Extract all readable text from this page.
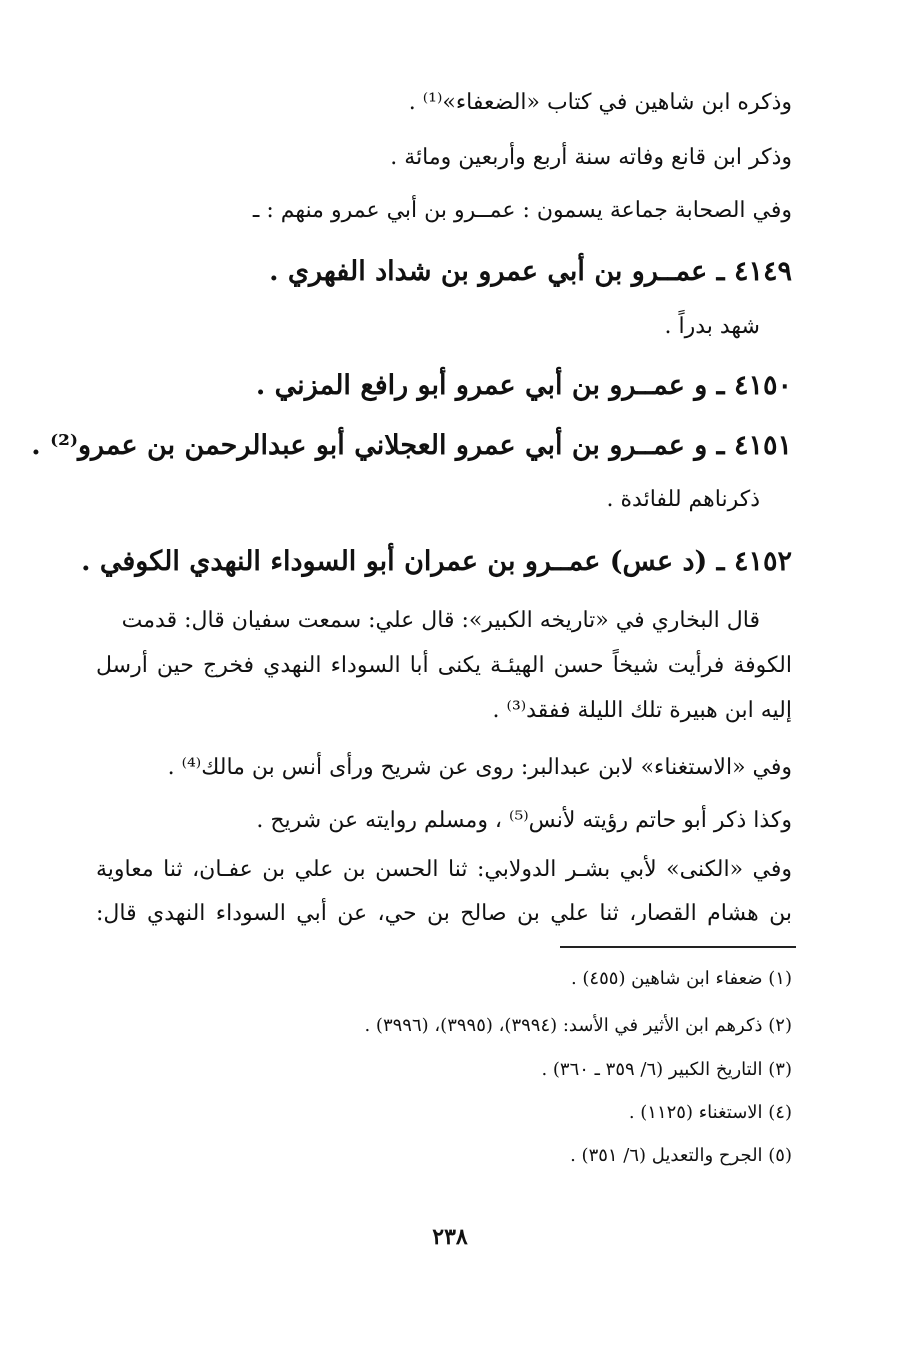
وذكره ابن شاهين في كتاب «الضعفاء»⁽¹⁾ .
وذكر ابن قانع وفاته سنة أربع وأربعين ومائة .
وفي الصحابة جماعة يسمون : عمــرو بن أبي عمرو منهم : ـ
٤١٤٩ ـ عمــرو بن أبي عمرو بن شداد الفهري .
شهد بدراً .
٤١٥٠ ـ و عمــرو بن أبي عمرو أبو رافع المزني .
٤١٥١ ـ و عمــرو بن أبي عمرو العجلاني أبو عبدالرحمن بن عمرو⁽²⁾ .
ذكرناهم للفائدة .
٤١٥٢ ـ (د عس) عمــرو بن عمران أبو السوداء النهدي الكوفي .
قال البخاري في «تاريخه الكبير»: قال علي: سمعت سفيان قال: قدمت
الكوفة فرأيت شيخاً حسن الهيئـة يكنى أبا السوداء النهدي فخرج حين أرسل
إليه ابن هبيرة تلك الليلة ففقد⁽³⁾ .
وفي «الاستغناء» لابن عبدالبر: روى عن شريح ورأى أنس بن مالك⁽⁴⁾ .
وكذا ذكر أبو حاتم رؤيته لأنس⁽⁵⁾ ، ومسلم روايته عن شريح .
وفي «الكنى» لأبي بشـر الدولابي: ثنا الحسن بن علي بن عفـان، ثنا معاوية
بن هشام القصار، ثنا علي بن صالح بن حي، عن أبي السوداء النهدي قال:
(١) ضعفاء ابن شاهين (٤٥٥) .
(٢) ذكرهم ابن الأثير في الأسد: (٣٩٩٤)، (٣٩٩٥)، (٣٩٩٦) .
(٣) التاريخ الكبير (٦/ ٣٥٩ ـ ٣٦٠) .
(٤) الاستغناء (١١٢٥) .
(٥) الجرح والتعديل (٦/ ٣٥١) .
٢٣٨
